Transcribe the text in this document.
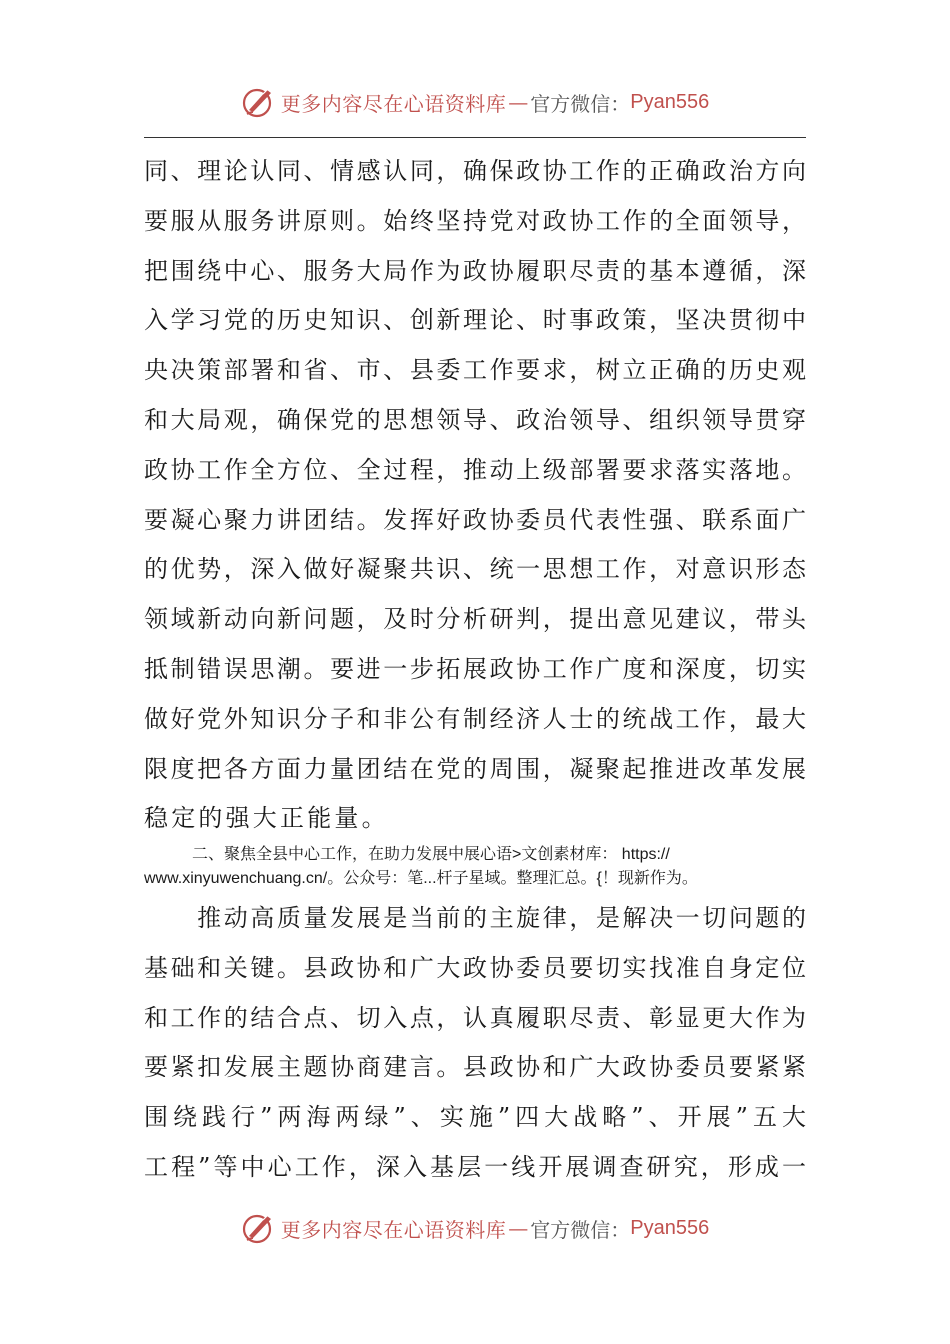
更多内容尽在心语资料库 — 官方微信： Pyan556
同、理论认同、情感认同，确保政协工作的正确政治方向
要服从服务讲原则。始终坚持党对政协工作的全面领导，
把围绕中心、服务大局作为政协履职尽责的基本遵循，深
入学习党的历史知识、创新理论、时事政策，坚决贯彻中
央决策部署和省、市、县委工作要求，树立正确的历史观
和大局观，确保党的思想领导、政治领导、组织领导贯穿
政协工作全方位、全过程，推动上级部署要求落实落地。
要凝心聚力讲团结。发挥好政协委员代表性强、联系面广
的优势，深入做好凝聚共识、统一思想工作，对意识形态
领域新动向新问题，及时分析研判，提出意见建议，带头
抵制错误思潮。要进一步拓展政协工作广度和深度，切实
做好党外知识分子和非公有制经济人士的统战工作，最大
限度把各方面力量团结在党的周围，凝聚起推进改革发展
稳定的强大正能量。
二、聚焦全县中心工作，在助力发展中展心语>文创素材库： https://
www.xinyuwenchuang.cn/。公众号：笔...杆子星域。整理汇总。{！现新作为。
　　推动高质量发展是当前的主旋律，是解决一切问题的
基础和关键。县政协和广大政协委员要切实找准自身定位
和工作的结合点、切入点，认真履职尽责、彰显更大作为
要紧扣发展主题协商建言。县政协和广大政协委员要紧紧
围绕践行”两海两绿”、实施”四大战略”、开展”五大
工程”等中心工作，深入基层一线开展调查研究，形成一
更多内容尽在心语资料库 — 官方微信： Pyan556
